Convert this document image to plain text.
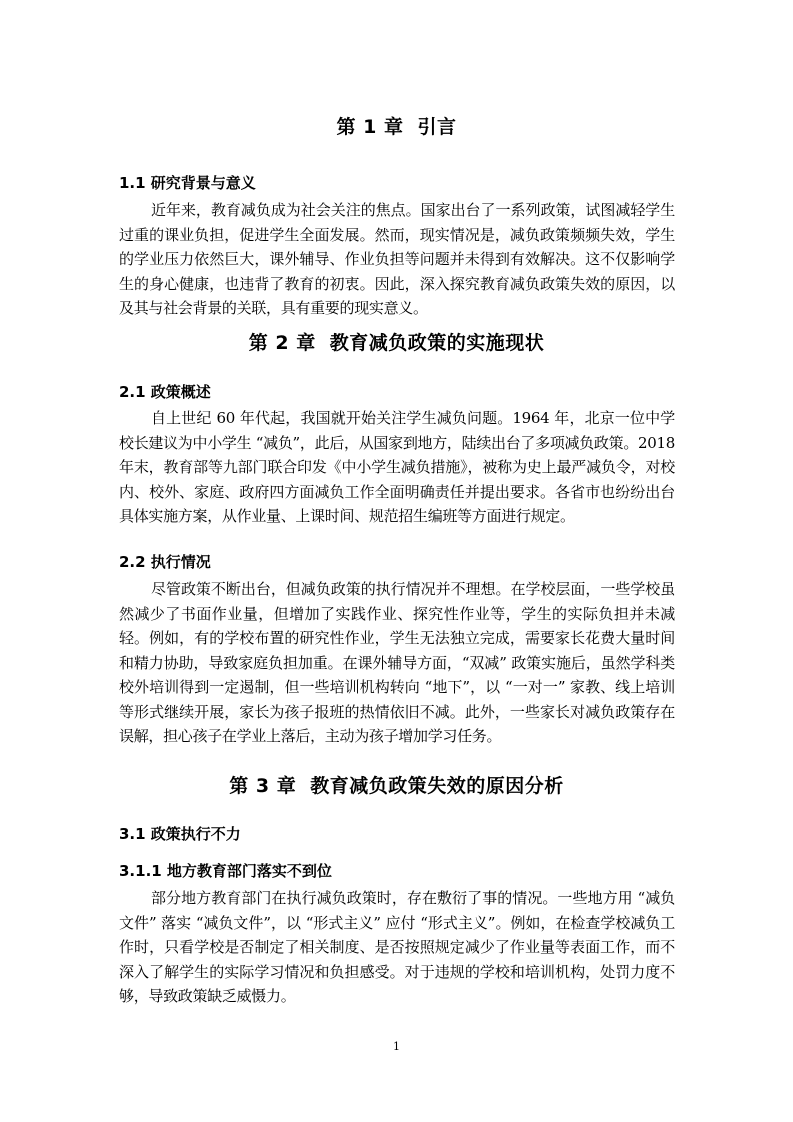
第 1 章 引言
1.1 研究背景与意义
近年来，教育减负成为社会关注的焦点。国家出台了一系列政策，试图减轻学生过重的课业负担，促进学生全面发展。然而，现实情况是，减负政策频频失效，学生的学业压力依然巨大，课外辅导、作业负担等问题并未得到有效解决。这不仅影响学生的身心健康，也违背了教育的初衷。因此，深入探究教育减负政策失效的原因，以及其与社会背景的关联，具有重要的现实意义。
第 2 章 教育减负政策的实施现状
2.1 政策概述
自上世纪 60 年代起，我国就开始关注学生减负问题。1964 年，北京一位中学校长建议为中小学生 “减负”，此后，从国家到地方，陆续出台了多项减负政策。2018 年末，教育部等九部门联合印发《中小学生减负措施》，被称为史上最严减负令，对校内、校外、家庭、政府四方面减负工作全面明确责任并提出要求。各省市也纷纷出台具体实施方案，从作业量、上课时间、规范招生编班等方面进行规定。
2.2 执行情况
尽管政策不断出台，但减负政策的执行情况并不理想。在学校层面，一些学校虽然减少了书面作业量，但增加了实践作业、探究性作业等，学生的实际负担并未减轻。例如，有的学校布置的研究性作业，学生无法独立完成，需要家长花费大量时间和精力协助，导致家庭负担加重。在课外辅导方面，“双减” 政策实施后，虽然学科类校外培训得到一定遏制，但一些培训机构转向 “地下”，以 “一对一” 家教、线上培训等形式继续开展，家长为孩子报班的热情依旧不减。此外，一些家长对减负政策存在误解，担心孩子在学业上落后，主动为孩子增加学习任务。
第 3 章 教育减负政策失效的原因分析
3.1 政策执行不力
3.1.1 地方教育部门落实不到位
部分地方教育部门在执行减负政策时，存在敷衍了事的情况。一些地方用 “减负文件” 落实 “减负文件”，以 “形式主义” 应付 “形式主义”。例如，在检查学校减负工作时，只看学校是否制定了相关制度、是否按照规定减少了作业量等表面工作，而不深入了解学生的实际学习情况和负担感受。对于违规的学校和培训机构，处罚力度不够，导致政策缺乏威慑力。
1
